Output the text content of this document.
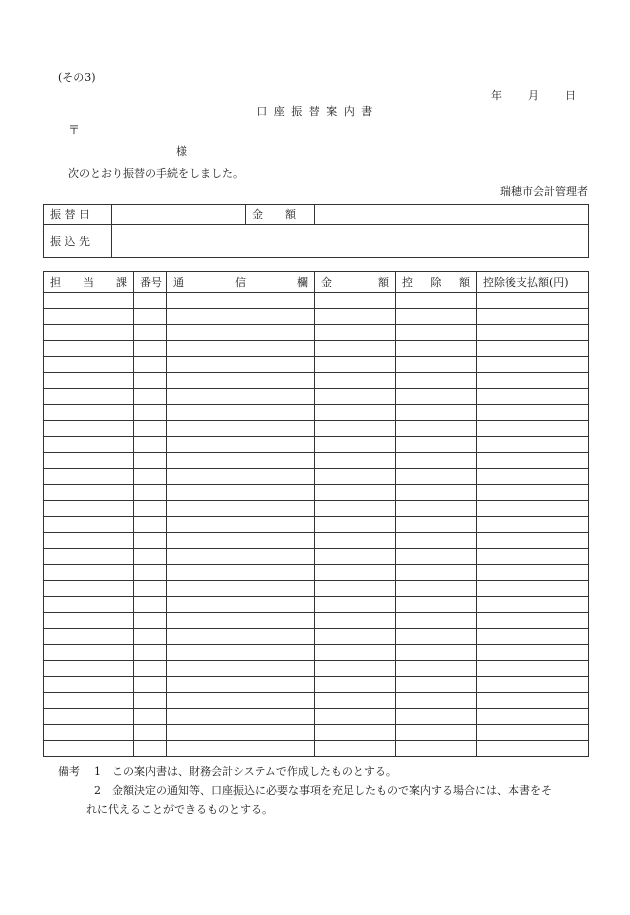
(その3)
年 月 日
口 座 振 替 案 内 書
〒
様
次のとおり振替の手続をしました。
瑞穂市会計管理者
振 替 日		金　　額	
振 込 先			
担 当 課	番号	通 信 欄	金 額	控 除 額	控除後支払額(円)

備考 1　この案内書は、財務会計システムで作成したものとする。
2　金額決定の通知等、口座振込に必要な事項を充足したもので案内する場合には、本書をそ
れに代えることができるものとする。
